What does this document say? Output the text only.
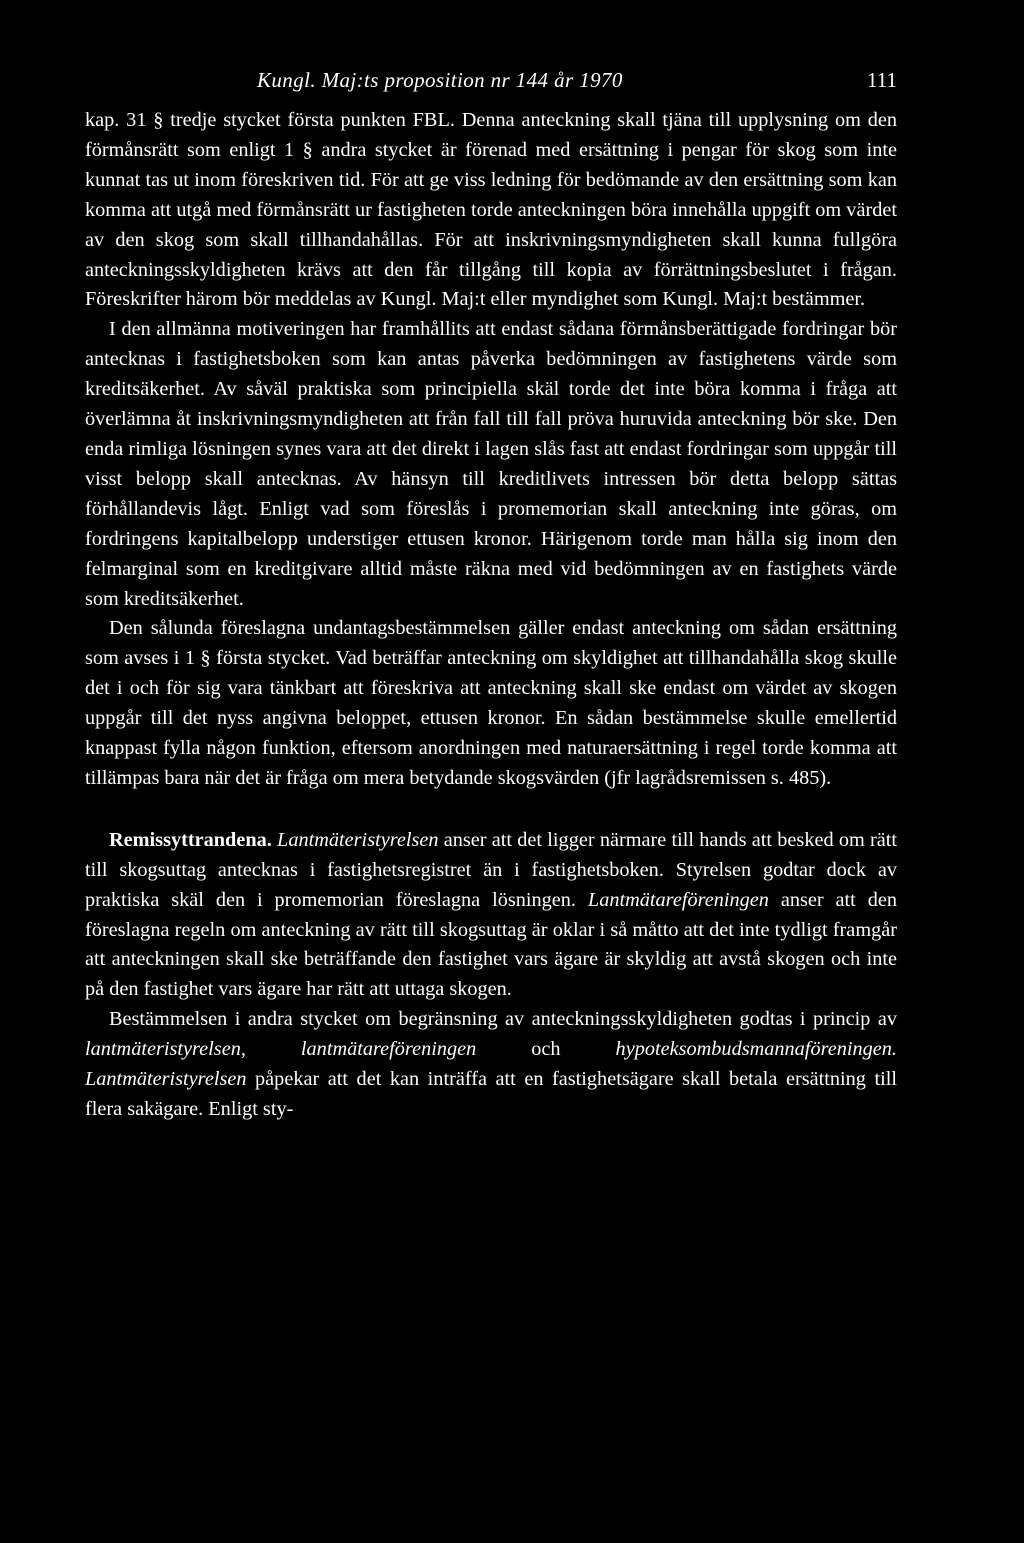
Kungl. Maj:ts proposition nr 144 år 1970	111

kap. 31 § tredje stycket första punkten FBL. Denna anteckning skall tjäna till upplysning om den förmånsrätt som enligt 1 § andra stycket är förenad med ersättning i pengar för skog som inte kunnat tas ut inom föreskriven tid. För att ge viss ledning för bedömande av den ersättning som kan komma att utgå med förmånsrätt ur fastigheten torde anteckningen böra innehålla uppgift om värdet av den skog som skall tillhandahållas. För att inskrivningsmyndigheten skall kunna fullgöra anteckningsskyldigheten krävs att den får tillgång till kopia av förrättningsbeslutet i frågan. Föreskrifter härom bör meddelas av Kungl. Maj:t eller myndighet som Kungl. Maj:t bestämmer.

I den allmänna motiveringen har framhållits att endast sådana förmånsberättigade fordringar bör antecknas i fastighetsboken som kan antas påverka bedömningen av fastighetens värde som kreditsäkerhet. Av såväl praktiska som principiella skäl torde det inte böra komma i fråga att överlämna åt inskrivningsmyndigheten att från fall till fall pröva huruvida anteckning bör ske. Den enda rimliga lösningen synes vara att det direkt i lagen slås fast att endast fordringar som uppgår till visst belopp skall antecknas. Av hänsyn till kreditlivets intressen bör detta belopp sättas förhållandevis lågt. Enligt vad som föreslås i promemorian skall anteckning inte göras, om fordringens kapitalbelopp understiger ettusen kronor. Härigenom torde man hålla sig inom den felmarginal som en kreditgivare alltid måste räkna med vid bedömningen av en fastighets värde som kreditsäkerhet.

Den sålunda föreslagna undantagsbestämmelsen gäller endast anteckning om sådan ersättning som avses i 1 § första stycket. Vad beträffar anteckning om skyldighet att tillhandahålla skog skulle det i och för sig vara tänkbart att föreskriva att anteckning skall ske endast om värdet av skogen uppgår till det nyss angivna beloppet, ettusen kronor. En sådan bestämmelse skulle emellertid knappast fylla någon funktion, eftersom anordningen med naturaersättning i regel torde komma att tillämpas bara när det är fråga om mera betydande skogsvärden (jfr lagrådsremissen s. 485).

Remissyttrandena. Lantmäteristyrelsen anser att det ligger närmare till hands att besked om rätt till skogsuttag antecknas i fastighetsregistret än i fastighetsboken. Styrelsen godtar dock av praktiska skäl den i promemorian föreslagna lösningen. Lantmätareföreningen anser att den föreslagna regeln om anteckning av rätt till skogsuttag är oklar i så måtto att det inte tydligt framgår att anteckningen skall ske beträffande den fastighet vars ägare är skyldig att avstå skogen och inte på den fastighet vars ägare har rätt att uttaga skogen.

Bestämmelsen i andra stycket om begränsning av anteckningsskyldigheten godtas i princip av lantmäteristyrelsen, lantmätareföreningen och hypoteksombudsmannaföreningen. Lantmäteristyrelsen påpekar att det kan inträffa att en fastighetsägare skall betala ersättning till flera sakägare. Enligt sty-
